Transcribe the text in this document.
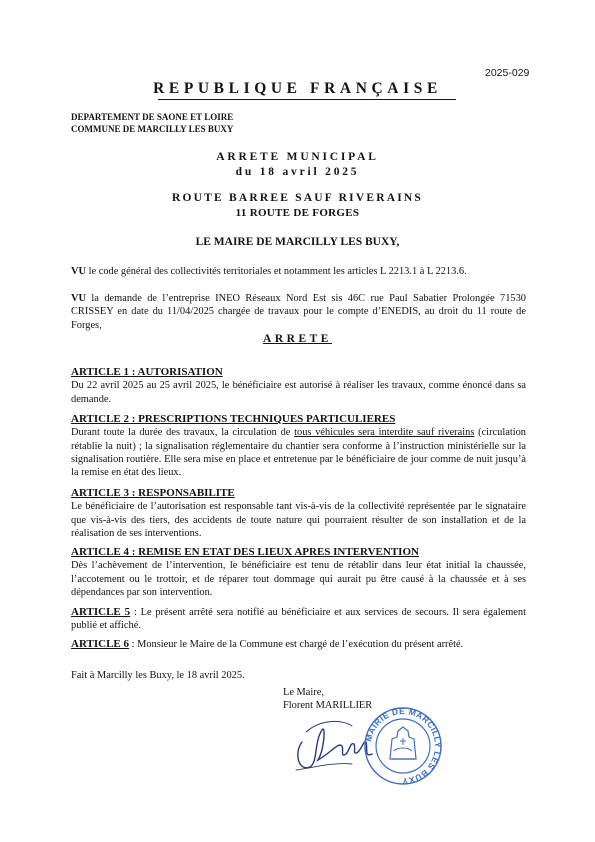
2025-029
REPUBLIQUE FRANÇAISE
DEPARTEMENT DE SAONE ET LOIRE
COMMUNE DE MARCILLY LES BUXY
ARRETE MUNICIPAL
du 18 avril 2025
ROUTE BARREE SAUF RIVERAINS
11 ROUTE DE FORGES
LE MAIRE DE MARCILLY LES BUXY,
VU le code général des collectivités territoriales et notamment les articles L 2213.1 à L 2213.6.
VU la demande de l’entreprise INEO Réseaux Nord Est sis 46C rue Paul Sabatier Prolongée 71530 CRISSEY en date du 11/04/2025 chargée de travaux pour le compte d’ENEDIS, au droit du 11 route de Forges,
ARRETE
ARTICLE 1 : AUTORISATION
Du 22 avril 2025 au 25 avril 2025, le bénéficiaire est autorisé à réaliser les travaux, comme énoncé dans sa demande.
ARTICLE 2 : PRESCRIPTIONS TECHNIQUES PARTICULIERES
Durant toute la durée des travaux, la circulation de tous véhicules sera interdite sauf riverains (circulation rétablie la nuit) ; la signalisation réglementaire du chantier sera conforme à l’instruction ministérielle sur la signalisation routière. Elle sera mise en place et entretenue par le bénéficiaire de jour comme de nuit jusqu’à la remise en état des lieux.
ARTICLE 3 : RESPONSABILITE
Le bénéficiaire de l’autorisation est responsable tant vis-à-vis de la collectivité représentée par le signataire que vis-à-vis des tiers, des accidents de toute nature qui pourraient résulter de son installation et de la réalisation de ses interventions.
ARTICLE 4 : REMISE EN ETAT DES LIEUX APRES INTERVENTION
Dès l’achèvement de l’intervention, le bénéficiaire est tenu de rétablir dans leur état initial la chaussée, l’accotement ou le trottoir, et de réparer tout dommage qui aurait pu être causé à la chaussée et à ses dépendances par son intervention.
ARTICLE 5 : Le présent arrêté sera notifié au bénéficiaire et aux services de secours. Il sera également publié et affiché.
ARTICLE 6 : Monsieur le Maire de la Commune est chargé de l’exécution du présent arrêté.
Fait à Marcilly les Buxy, le 18 avril 2025.
Le Maire,
Florent MARILLIER
MAIRIE DE MARCILLY LES BUXY
